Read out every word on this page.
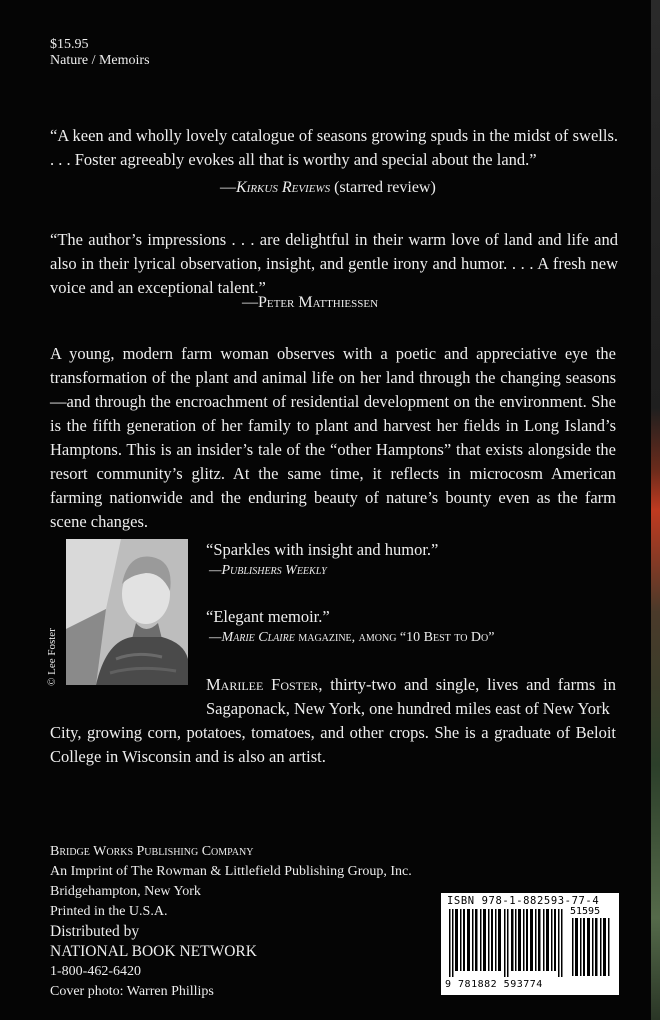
$15.95
Nature / Memoirs
“A keen and wholly lovely catalogue of seasons growing spuds in the midst of swells. . . . Foster agreeably evokes all that is worthy and special about the land.”
—Kirkus Reviews (starred review)
“The author’s impressions . . . are delightful in their warm love of land and life and also in their lyrical observation, insight, and gentle irony and humor. . . . A fresh new voice and an exceptional talent.”
—Peter Matthiessen
A young, modern farm woman observes with a poetic and appreciative eye the transformation of the plant and animal life on her land through the changing seasons—and through the encroachment of residential development on the environment. She is the fifth generation of her family to plant and harvest her fields in Long Island’s Hamptons. This is an insider’s tale of the “other Hamptons” that exists alongside the resort community’s glitz. At the same time, it reflects in microcosm American farming nationwide and the enduring beauty of nature’s bounty even as the farm scene changes.
© Lee Foster
“Sparkles with insight and humor.”
—Publishers Weekly
“Elegant memoir.”
—Marie Claire magazine, among “10 Best to Do”
Marilee Foster, thirty-two and single, lives and farms in Sagaponack, New York, one hundred miles east of New York
City, growing corn, potatoes, tomatoes, and other crops. She is a graduate of Beloit College in Wisconsin and is also an artist.
Bridge Works Publishing Company
An Imprint of The Rowman & Littlefield Publishing Group, Inc.
Bridgehampton, New York
Printed in the U.S.A.
Distributed by
NATIONAL BOOK NETWORK
1-800-462-6420
Cover photo: Warren Phillips
ISBN 978-1-882593-77-4
51595
9 781882 593774
